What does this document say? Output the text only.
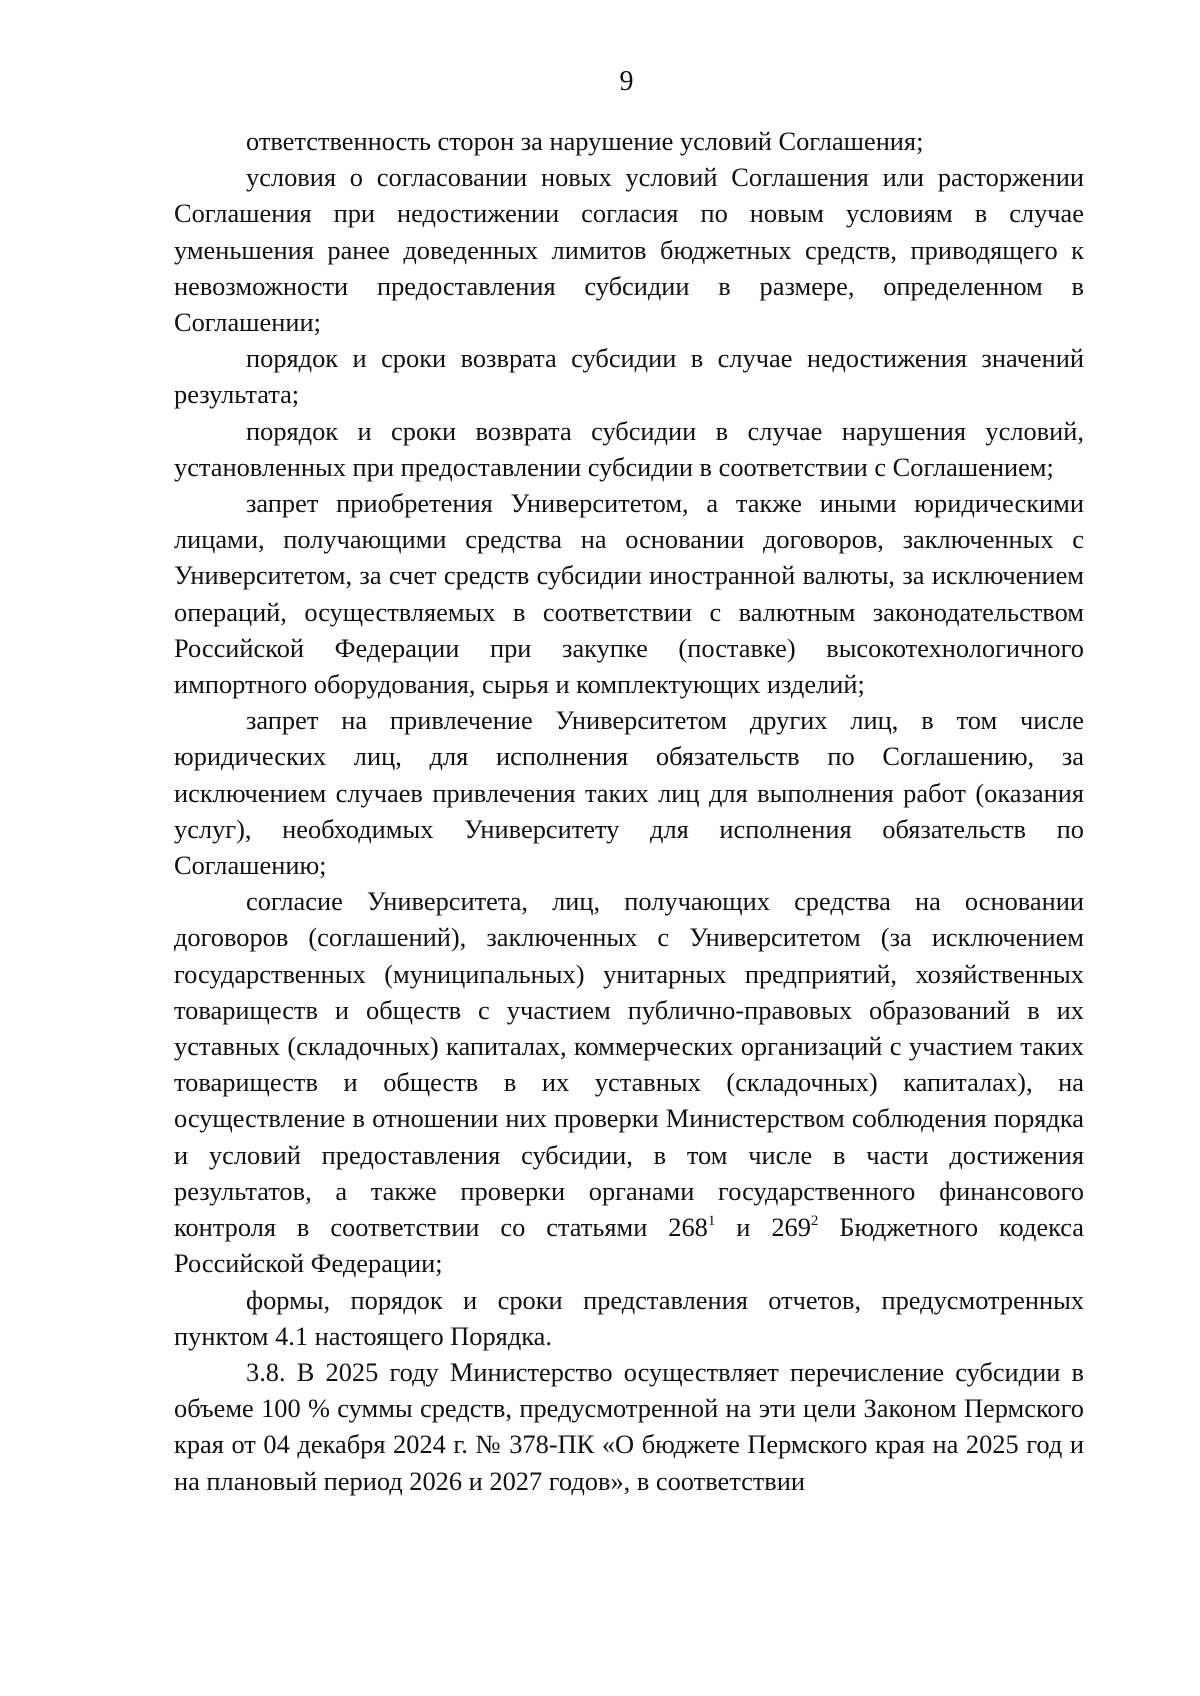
9

ответственность сторон за нарушение условий Соглашения;

условия о согласовании новых условий Соглашения или расторжении Соглашения при недостижении согласия по новым условиям в случае уменьшения ранее доведенных лимитов бюджетных средств, приводящего к невозможности предоставления субсидии в размере, определенном в Соглашении;

порядок и сроки возврата субсидии в случае недостижения значений результата;

порядок и сроки возврата субсидии в случае нарушения условий, установленных при предоставлении субсидии в соответствии с Соглашением;

запрет приобретения Университетом, а также иными юридическими лицами, получающими средства на основании договоров, заключенных с Университетом, за счет средств субсидии иностранной валюты, за исключением операций, осуществляемых в соответствии с валютным законодательством Российской Федерации при закупке (поставке) высокотехнологичного импортного оборудования, сырья и комплектующих изделий;

запрет на привлечение Университетом других лиц, в том числе юридических лиц, для исполнения обязательств по Соглашению, за исключением случаев привлечения таких лиц для выполнения работ (оказания услуг), необходимых Университету для исполнения обязательств по Соглашению;

согласие Университета, лиц, получающих средства на основании договоров (соглашений), заключенных с Университетом (за исключением государственных (муниципальных) унитарных предприятий, хозяйственных товариществ и обществ с участием публично-правовых образований в их уставных (складочных) капиталах, коммерческих организаций с участием таких товариществ и обществ в их уставных (складочных) капиталах), на осуществление в отношении них проверки Министерством соблюдения порядка и условий предоставления субсидии, в том числе в части достижения результатов, а также проверки органами государственного финансового контроля в соответствии со статьями $268^1$ и $269^2$ Бюджетного кодекса Российской Федерации;

формы, порядок и сроки представления отчетов, предусмотренных пунктом 4.1 настоящего Порядка.

3.8. В 2025 году Министерство осуществляет перечисление субсидии в объеме 100 % суммы средств, предусмотренной на эти цели Законом Пермского края от 04 декабря 2024 г. № 378-ПК «О бюджете Пермского края на 2025 год и на плановый период 2026 и 2027 годов», в соответствии
